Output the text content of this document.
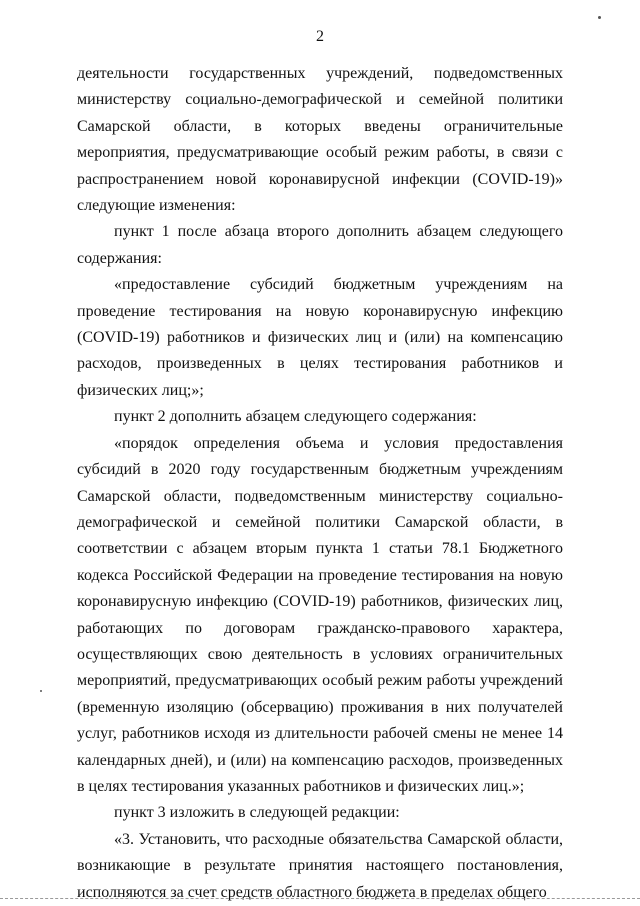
2

деятельности государственных учреждений, подведомственных министерству социально-демографической и семейной политики Самарской области, в которых введены ограничительные мероприятия, предусматривающие особый режим работы, в связи с распространением новой коронавирусной инфекции (COVID-19)» следующие изменения:

пункт 1 после абзаца второго дополнить абзацем следующего содержания:

«предоставление субсидий бюджетным учреждениям на проведение тестирования на новую коронавирусную инфекцию (COVID-19) работников и физических лиц и (или) на компенсацию расходов, произведенных в целях тестирования работников и физических лиц;»;

пункт 2 дополнить абзацем следующего содержания:

«порядок определения объема и условия предоставления субсидий в 2020 году государственным бюджетным учреждениям Самарской области, подведомственным министерству социально-демографической и семейной политики Самарской области, в соответствии с абзацем вторым пункта 1 статьи 78.1 Бюджетного кодекса Российской Федерации на проведение тестирования на новую коронавирусную инфекцию (COVID-19) работников, физических лиц, работающих по договорам гражданско-правового характера, осуществляющих свою деятельность в условиях ограничительных мероприятий, предусматривающих особый режим работы учреждений (временную изоляцию (обсервацию) проживания в них получателей услуг, работников исходя из длительности рабочей смены не менее 14 календарных дней), и (или) на компенсацию расходов, произведенных в целях тестирования указанных работников и физических лиц.»;

пункт 3 изложить в следующей редакции:

«3. Установить, что расходные обязательства Самарской области, возникающие в результате принятия настоящего постановления, исполняются за счет средств областного бюджета в пределах общего
